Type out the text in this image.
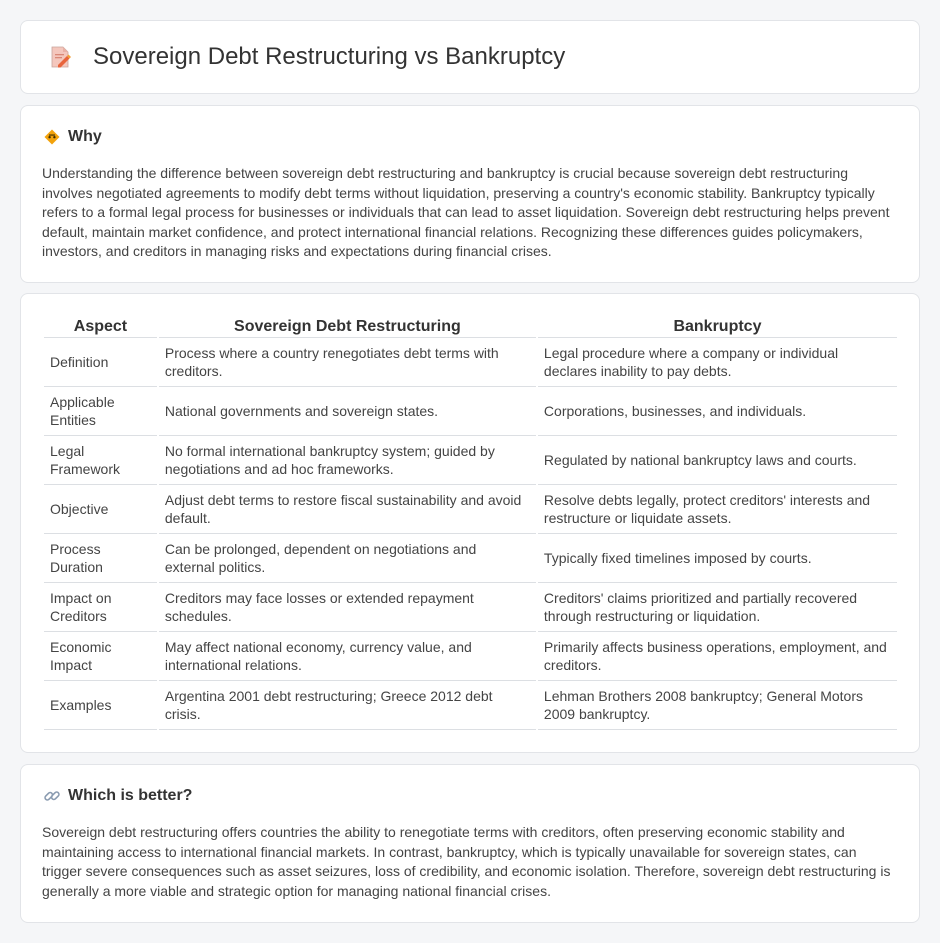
Sovereign Debt Restructuring vs Bankruptcy
Why

Understanding the difference between sovereign debt restructuring and bankruptcy is crucial because sovereign debt restructuring involves negotiated agreements to modify debt terms without liquidation, preserving a country's economic stability. Bankruptcy typically refers to a formal legal process for businesses or individuals that can lead to asset liquidation. Sovereign debt restructuring helps prevent default, maintain market confidence, and protect international financial relations. Recognizing these differences guides policymakers, investors, and creditors in managing risks and expectations during financial crises.

Aspect	Sovereign Debt Restructuring	Bankruptcy
Definition	Process where a country renegotiates debt terms with creditors.	Legal procedure where a company or individual declares inability to pay debts.
Applicable Entities	National governments and sovereign states.	Corporations, businesses, and individuals.
Legal Framework	No formal international bankruptcy system; guided by negotiations and ad hoc frameworks.	Regulated by national bankruptcy laws and courts.
Objective	Adjust debt terms to restore fiscal sustainability and avoid default.	Resolve debts legally, protect creditors' interests and restructure or liquidate assets.
Process Duration	Can be prolonged, dependent on negotiations and external politics.	Typically fixed timelines imposed by courts.
Impact on Creditors	Creditors may face losses or extended repayment schedules.	Creditors' claims prioritized and partially recovered through restructuring or liquidation.
Economic Impact	May affect national economy, currency value, and international relations.	Primarily affects business operations, employment, and creditors.
Examples	Argentina 2001 debt restructuring; Greece 2012 debt crisis.	Lehman Brothers 2008 bankruptcy; General Motors 2009 bankruptcy.
Which is better?

Sovereign debt restructuring offers countries the ability to renegotiate terms with creditors, often preserving economic stability and maintaining access to international financial markets. In contrast, bankruptcy, which is typically unavailable for sovereign states, can trigger severe consequences such as asset seizures, loss of credibility, and economic isolation. Therefore, sovereign debt restructuring is generally a more viable and strategic option for managing national financial crises.
